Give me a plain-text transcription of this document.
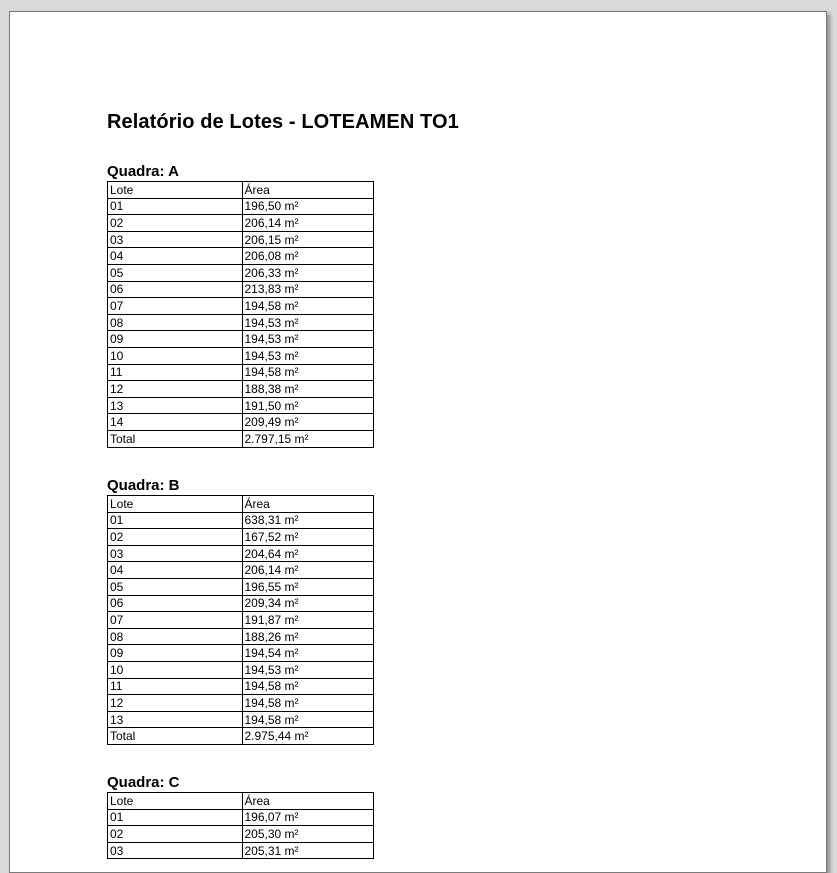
Relatório de Lotes - LOTEAMEN TO1
Quadra: A
Lote	Área
01	196,50 m²
02	206,14 m²
03	206,15 m²
04	206,08 m²
05	206,33 m²
06	213,83 m²
07	194,58 m²
08	194,53 m²
09	194,53 m²
10	194,53 m²
11	194,58 m²
12	188,38 m²
13	191,50 m²
14	209,49 m²
Total	2.797,15 m²
Quadra: B
Lote	Área
01	638,31 m²
02	167,52 m²
03	204,64 m²
04	206,14 m²
05	196,55 m²
06	209,34 m²
07	191,87 m²
08	188,26 m²
09	194,54 m²
10	194,53 m²
11	194,58 m²
12	194,58 m²
13	194,58 m²
Total	2.975,44 m²
Quadra: C
Lote	Área
01	196,07 m²
02	205,30 m²
03	205,31 m²
